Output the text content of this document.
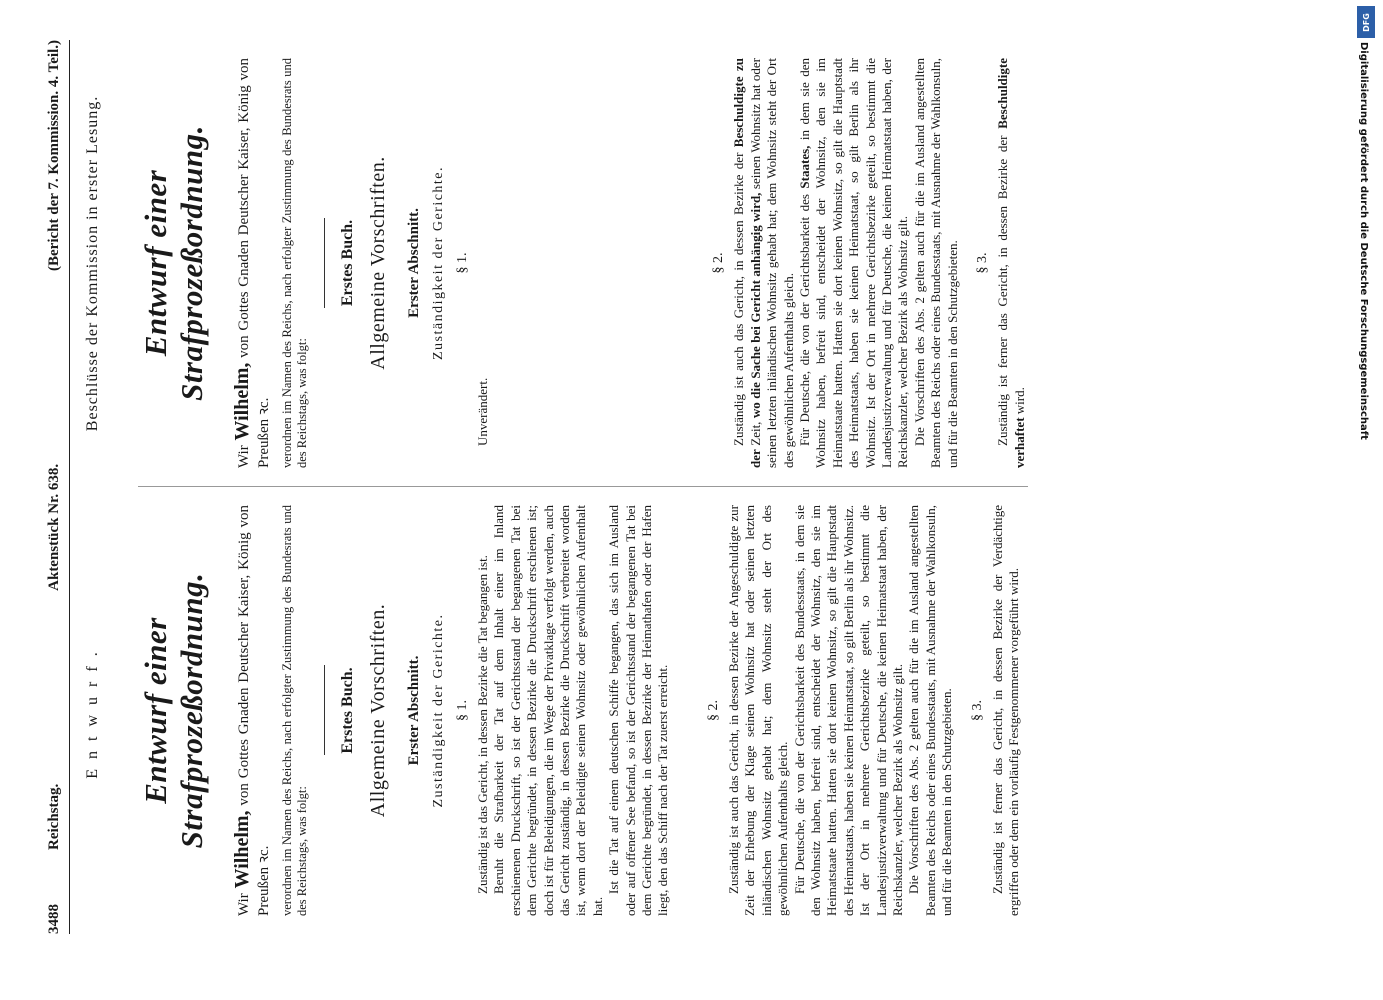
3488
Reichstag.
Aktenstück Nr. 638.
(Bericht der 7. Kommission. 4. Teil.)
Entwurf.
Beschlüsse der Kommission in erster Lesung.
Entwurf einer Strafprozeßordnung.
Wir Wilhelm, von Gottes Gnaden Deutscher Kaiser, König von Preußen ꝛc. verordnen im Namen des Reichs, nach erfolgter Zustimmung des Bundesrats und des Reichstags, was folgt:
Erstes Buch. Allgemeine Vorschriften. Erster Abschnitt. Zuständigkeit der Gerichte. § 1. Zuständig ist das Gericht, in dessen Bezirke die Tat begangen ist. Beruht die Strafbarkeit der Tat auf dem Inhalt einer im Inland erschienenen Druckschrift, so ist der Gerichtsstand der begangenen Tat bei dem Gerichte begründet, in dessen Bezirke die Druckschrift erschienen ist; doch ist für Beleidigungen, die im Wege der Privatklage verfolgt werden, auch das Gericht zuständig, in dessen Bezirke die Druckschrift verbreitet worden ist, wenn dort der Beleidigte seinen Wohnsitz oder gewöhnlichen Aufenthalt hat.

Ist die Tat auf einem deutschen Schiffe begangen, das sich im Ausland oder auf offener See befand, so ist der Gerichtsstand der begangenen Tat bei dem Gerichte begründet, in dessen Bezirke der Heimathafen oder der Hafen liegt, den das Schiff nach der Tat zuerst erreicht.	§ 2. Zuständig ist auch das Gericht, in dessen Bezirke der Angeschuldigte zur Zeit der Erhebung der Klage seinen Wohnsitz hat oder seinen letzten inländischen Wohnsitz gehabt hat; dem Wohnsitz steht der Ort des gewöhnlichen Aufenthalts gleich. Für Deutsche, die von der Gerichtsbarkeit des Bundesstaats, in dem sie den Wohnsitz haben, befreit sind, entscheidet der Wohnsitz, den sie im Heimatstaate hatten. Hatten sie dort keinen Wohnsitz, so gilt die Hauptstadt des Heimatstaats, haben sie keinen Heimatstaat, so gilt Berlin als ihr Wohnsitz. Ist der Ort in mehrere Gerichtsbezirke geteilt, so bestimmt die Landesjustizverwaltung und für Deutsche, die keinen Heimatstaat haben, der Reichskanzler, welcher Bezirk als Wohnsitz gilt. Die Vorschriften des Abs. 2 gelten auch für die im Ausland angestellten Beamten des Reichs oder eines Bundesstaats, mit Ausnahme der Wahlkonsuln, und für die Beamten in den Schutzgebieten. § 3. Zuständig ist ferner das Gericht, in dessen Bezirke der Verdächtige ergriffen oder dem ein vorläufig Festgenommener vorgeführt wird.

Entwurf einer Strafprozeßordnung.
Wir Wilhelm, von Gottes Gnaden Deutscher Kaiser, König von Preußen ꝛc. verordnen im Namen des Reichs, nach erfolgter Zustimmung des Bundesrats und des Reichstags, was folgt:
Erstes Buch. Allgemeine Vorschriften. Erster Abschnitt. Zuständigkeit der Gerichte. § 1.

Unverändert.

§ 2. Zuständig ist auch das Gericht, in dessen Bezirke der Beschuldigte zu der Zeit, wo die Sache bei Gericht anhängig wird, seinen Wohnsitz hat oder seinen letzten inländischen Wohnsitz gehabt hat; dem Wohnsitz steht der Ort des gewöhnlichen Aufenthalts gleich. Für Deutsche, die von der Gerichtsbarkeit des Staates, in dem sie den Wohnsitz haben, befreit sind, entscheidet der Wohnsitz, den sie im Heimatstaate hatten. Hatten sie dort keinen Wohnsitz, so gilt die Hauptstadt des Heimatstaats, haben sie keinen Heimatstaat, so gilt Berlin als ihr Wohnsitz. Ist der Ort in mehrere Gerichtsbezirke geteilt, so bestimmt die Landesjustizverwaltung und für Deutsche, die keinen Heimatstaat haben, der Reichskanzler, welcher Bezirk als Wohnsitz gilt. Die Vorschriften des Abs. 2 gelten auch für die im Ausland angestellten Beamten des Reichs oder eines Bundesstaats, mit Ausnahme der Wahlkonsuln, und für die Beamten in den Schutzgebieten. § 3. Zuständig ist ferner das Gericht, in dessen Bezirke der Beschuldigte verhaftet wird.

DFG
Digitalisierung gefördert durch die Deutsche Forschungsgemeinschaft
